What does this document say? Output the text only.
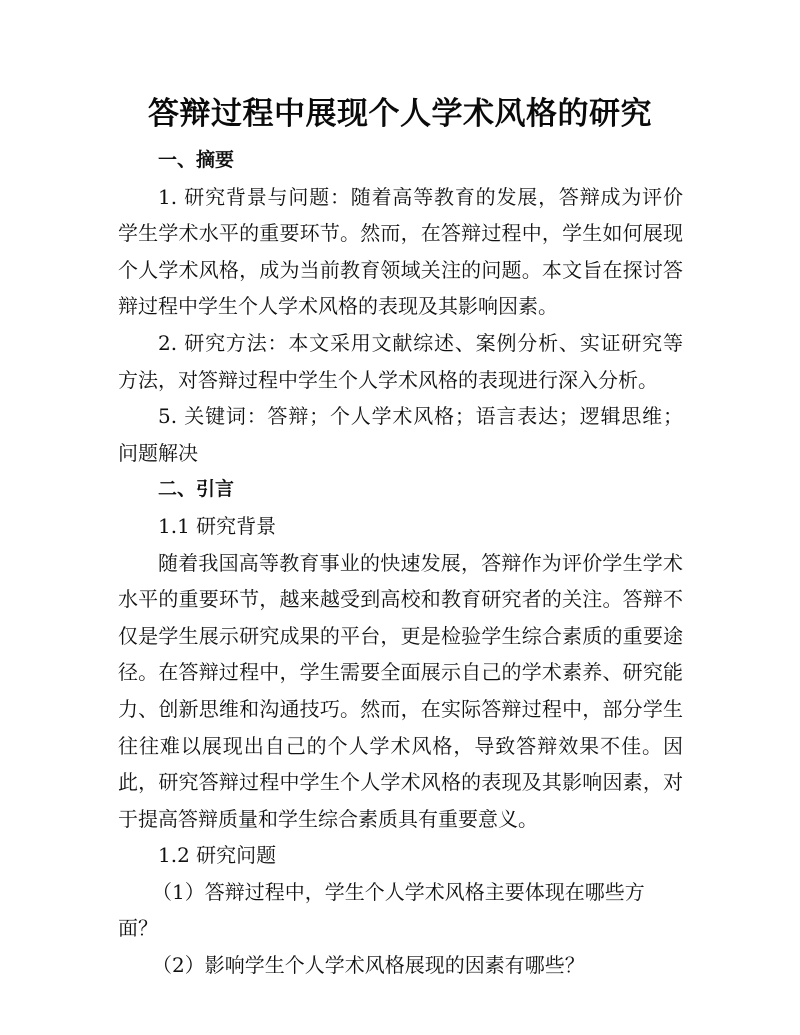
答辩过程中展现个人学术风格的研究

一、摘要

1. 研究背景与问题：随着高等教育的发展，答辩成为评价学生学术水平的重要环节。然而，在答辩过程中，学生如何展现个人学术风格，成为当前教育领域关注的问题。本文旨在探讨答辩过程中学生个人学术风格的表现及其影响因素。

2. 研究方法：本文采用文献综述、案例分析、实证研究等方法，对答辩过程中学生个人学术风格的表现进行深入分析。

5. 关键词：答辩；个人学术风格；语言表达；逻辑思维；问题解决

二、引言

1.1 研究背景

随着我国高等教育事业的快速发展，答辩作为评价学生学术水平的重要环节，越来越受到高校和教育研究者的关注。答辩不仅是学生展示研究成果的平台，更是检验学生综合素质的重要途径。在答辩过程中，学生需要全面展示自己的学术素养、研究能力、创新思维和沟通技巧。然而，在实际答辩过程中，部分学生往往难以展现出自己的个人学术风格，导致答辩效果不佳。因此，研究答辩过程中学生个人学术风格的表现及其影响因素，对于提高答辩质量和学生综合素质具有重要意义。

1.2 研究问题

（1）答辩过程中，学生个人学术风格主要体现在哪些方面？

（2）影响学生个人学术风格展现的因素有哪些？
